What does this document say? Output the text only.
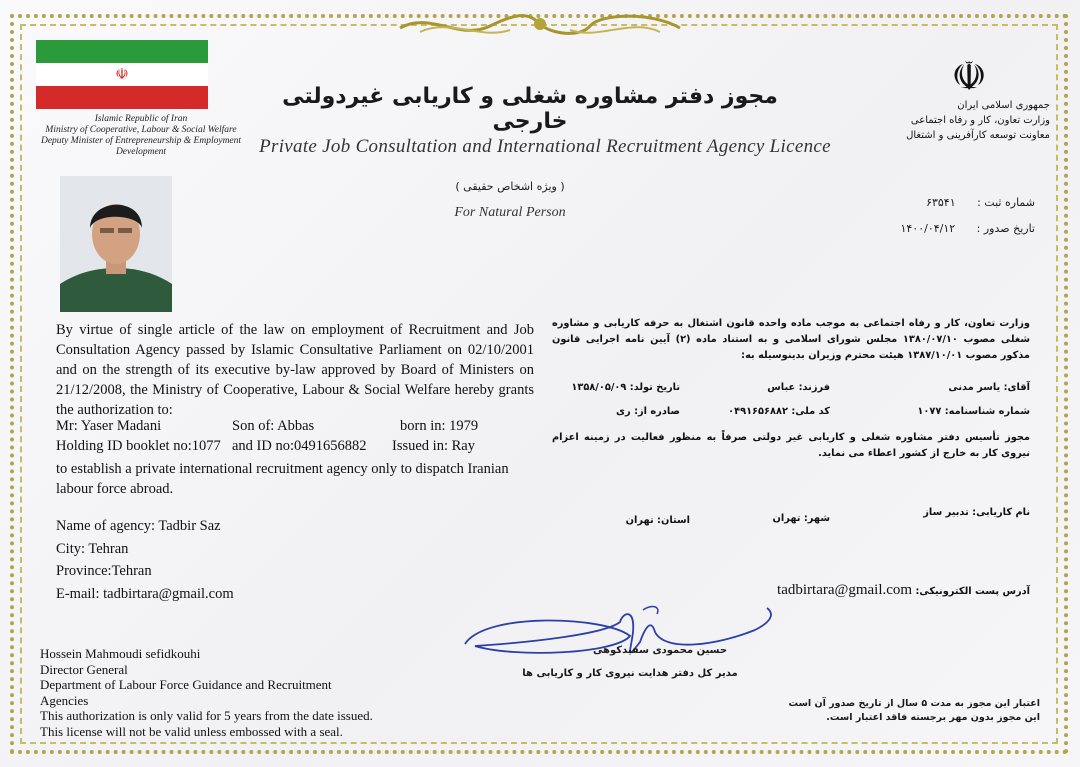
☫
Islamic Republic of Iran
Ministry of Cooperative, Labour & Social Welfare
Deputy Minister of Entrepreneurship & Employment Development
☫
جمهوری اسلامی ایران
وزارت تعاون، کار و رفاه اجتماعی
معاونت توسعه کارآفرینی و اشتغال
مجوز دفتر مشاوره شغلی و کاریابی غیردولتی خارجی
Private Job Consultation and International Recruitment Agency Licence
( ویژه اشخاص حقیقی )
For Natural Person
شماره ثبت : ۶۳۵۴۱
تاریخ صدور : ۱۴۰۰/۰۴/۱۲
By virtue of single article of the law on employment of Recruitment and Job Consultation Agency passed by Islamic Consultative Parliament on 02/10/2001 and on the strength of its executive by-law approved by Board of Ministers on 21/12/2008, the Ministry of Cooperative, Labour & Social Welfare hereby grants the authorization to:
Mr: Yaser Madani	Son of: Abbas	born in: 1979
Holding ID booklet no:1077 and ID no:0491656882 Issued in: Ray
to establish a private international recruitment agency only to dispatch Iranian labour force abroad.
Name of agency: Tadbir Saz
City: Tehran
Province:Tehran
E-mail: tadbirtara@gmail.com
وزارت تعاون، کار و رفاه اجتماعی به موجب ماده واحده قانون اشتغال به حرفه کاریابی و مشاوره شغلی مصوب ۱۳۸۰/۰۷/۱۰ مجلس شورای اسلامی و به استناد ماده (۲) آیین نامه اجرایی قانون مذکور مصوب ۱۳۸۷/۱۰/۰۱ هیئت محترم وزیران بدینوسیله به:
آقای: یاسر مدنی
فرزند: عباس
تاریخ تولد: ۱۳۵۸/۰۵/۰۹
شماره شناسنامه: ۱۰۷۷
کد ملی: ۰۴۹۱۶۵۶۸۸۲
صادره از: ری
مجوز تأسیس دفتر مشاوره شغلی و کاریابی غیر دولتی صرفاً به منظور فعالیت در زمینه اعزام نیروی کار به خارج از کشور اعطاء می نماید.
نام کاریابی: تدبیر ساز
شهر: تهران
استان: تهران
آدرس پست الکترونیکی: tadbirtara@gmail.com
حسین محمودی سفیدکوهی
مدیر کل دفتر هدایت نیروی کار و کاریابی ها
Hossein Mahmoudi sefidkouhi
Director General
Department of Labour Force Guidance and Recruitment Agencies
This authorization is only valid for 5 years from the date issued.
This license will not be valid unless embossed with a seal.
اعتبار این مجوز به مدت ۵ سال از تاریخ صدور آن است
این مجوز بدون مهر برجسته فاقد اعتبار است.
